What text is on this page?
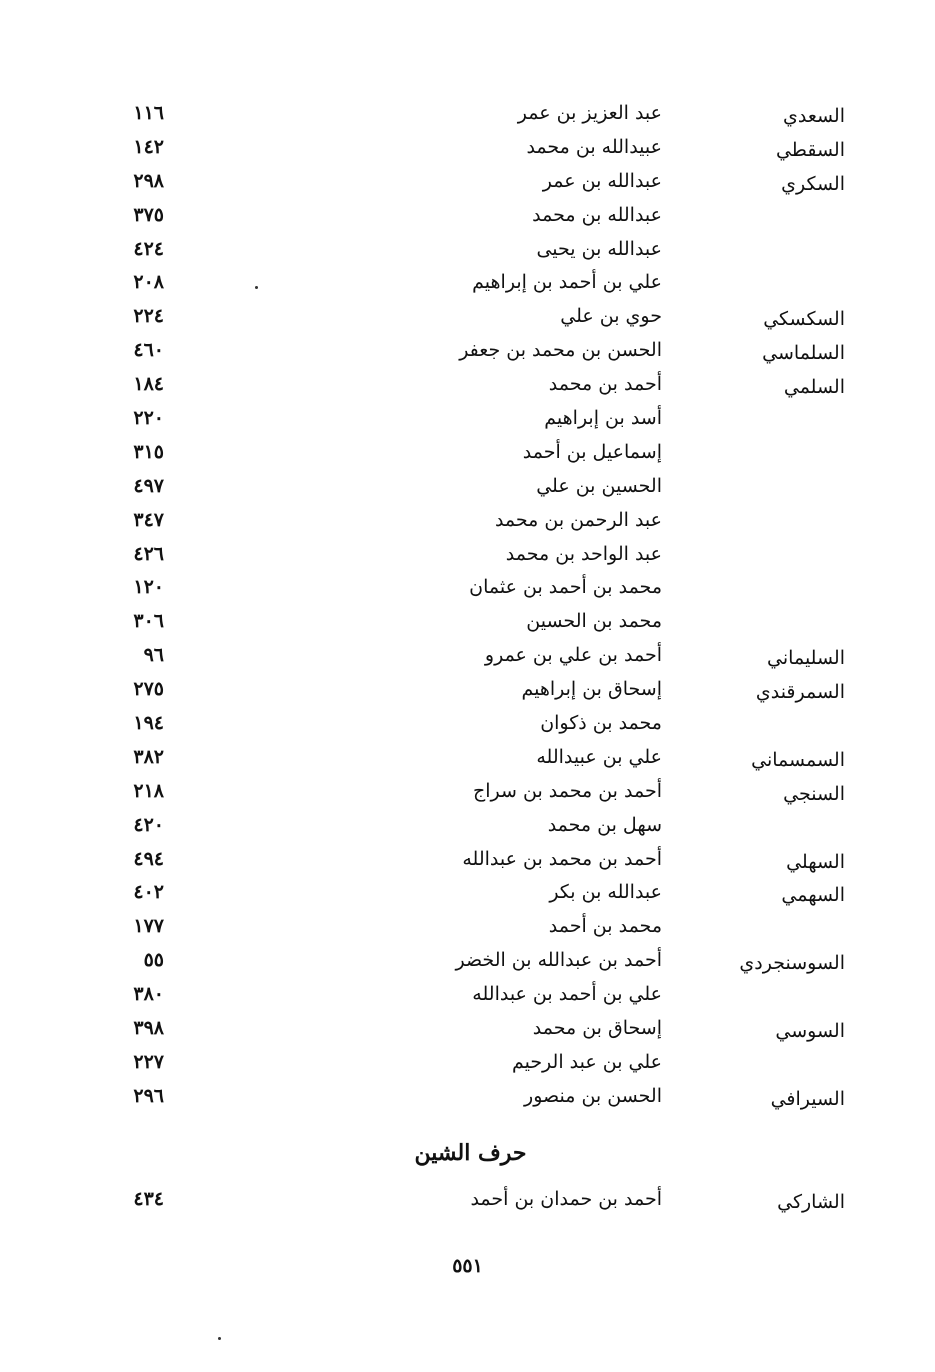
السعدي
عبد العزيز بن عمر
١١٦
السقطي
عبيدالله بن محمد
١٤٢
السكري
عبدالله بن عمر
٢٩٨
عبدالله بن محمد
٣٧٥
عبدالله بن يحيى
٤٢٤
علي بن أحمد بن إبراهيم
٢٠٨
السكسكي
حوي بن علي
٢٢٤
السلماسي
الحسن بن محمد بن جعفر
٤٦٠
السلمي
أحمد بن محمد
١٨٤
أسد بن إبراهيم
٢٢٠
إسماعيل بن أحمد
٣١٥
الحسين بن علي
٤٩٧
عبد الرحمن بن محمد
٣٤٧
عبد الواحد بن محمد
٤٢٦
محمد بن أحمد بن عثمان
١٢٠
محمد بن الحسين
٣٠٦
السليماني
أحمد بن علي بن عمرو
٩٦
السمرقندي
إسحاق بن إبراهيم
٢٧٥
محمد بن ذكوان
١٩٤
السمسماني
علي بن عبيدالله
٣٨٢
السنجي
أحمد بن محمد بن سراج
٢١٨
سهل بن محمد
٤٢٠
السهلي
أحمد بن محمد بن عبدالله
٤٩٤
السهمي
عبدالله بن بكر
٤٠٢
محمد بن أحمد
١٧٧
السوسنجردي
أحمد بن عبدالله بن الخضر
٥٥
علي بن أحمد بن عبدالله
٣٨٠
السوسي
إسحاق بن محمد
٣٩٨
علي بن عبد الرحيم
٢٢٧
السيرافي
الحسن بن منصور
٢٩٦
حرف الشين
الشاركي
أحمد بن حمدان بن أحمد
٤٣٤
٥٥١
